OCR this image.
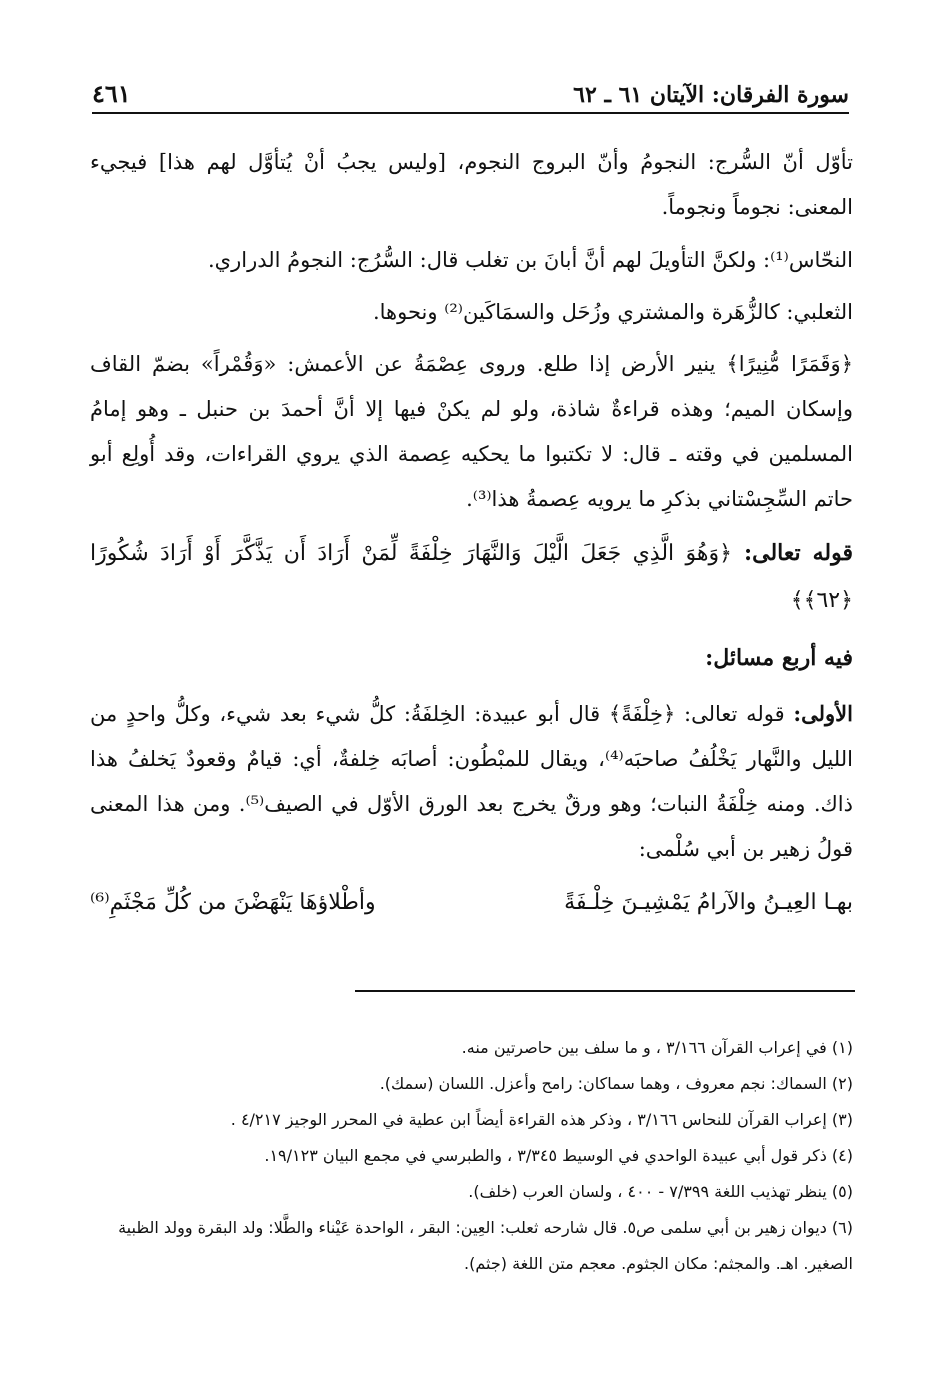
سورة الفرقان: الآيتان ٦١ ـ ٦٢
٤٦١

تأوّل أنّ السُّرج: النجومُ وأنّ البروج النجوم، [وليس يجبُ أنْ يُتأوَّل لهم هذا] فيجيء المعنى: نجوماً ونجوماً.

النحّاس⁽¹⁾: ولكنَّ التأويلَ لهم أنَّ أبانَ بن تغلب قال: السُّرُج: النجومُ الدراري.

الثعلبي: كالزُّهَرة والمشتري وزُحَل والسمَاكَين⁽²⁾ ونحوها.

﴿وَقَمَرًا مُّنِيرًا﴾ ينير الأرض إذا طلع. وروى عِصْمَةُ عن الأعمش: «وَقُمْراً» بضمّ القاف وإسكان الميم؛ وهذه قراءةٌ شاذة، ولو لم يكنْ فيها إلا أنَّ أحمدَ بن حنبل ـ وهو إمامُ المسلمين في وقته ـ قال: لا تكتبوا ما يحكيه عِصمة الذي يروي القراءات، وقد أُولِع أبو حاتم السِّجِسْتاني بذكرِ ما يرويه عِصمةُ هذا⁽³⁾.

قوله تعالى: ﴿وَهُوَ الَّذِي جَعَلَ الَّيْلَ وَالنَّهَارَ خِلْفَةً لِّمَنْ أَرَادَ أَن يَذَّكَّرَ أَوْ أَرَادَ شُكُورًا ﴿٦٢﴾﴾
فيه أربع مسائل:

الأولى: قوله تعالى: ﴿خِلْفَةً﴾ قال أبو عبيدة: الخِلفَةُ: كلُّ شيء بعد شيء، وكلُّ واحدٍ من الليل والنَّهار يَخْلُفُ صاحبَه⁽⁴⁾، ويقال للمبْطُون: أصابَه خِلفةٌ، أي: قيامٌ وقعودٌ يَخلفُ هذا ذاك. ومنه خِلْفَةُ النبات؛ وهو ورقٌ يخرج بعد الورق الأوّل في الصيف⁽⁵⁾. ومن هذا المعنى قولُ زهير بن أبي سُلْمى:

بهـا العِيـنُ والآرامُ يَمْشِيـنَ خِلْـفَةً
وأطْلاؤهَا يَنْهَضْنَ من كُلِّ مَجْثَمِ⁽⁶⁾

(١) في إعراب القرآن ٣/١٦٦ ، و ما سلف بين حاصرتين منه.

(٢) السماك: نجم معروف ، وهما سماكان: رامح وأعزل. اللسان (سمك).

(٣) إعراب القرآن للنحاس ٣/١٦٦ ، وذكر هذه القراءة أيضاً ابن عطية في المحرر الوجيز ٤/٢١٧ .

(٤) ذكر قول أبي عبيدة الواحدي في الوسيط ٣/٣٤٥ ، والطبرسي في مجمع البيان ١٩/١٢٣.

(٥) ينظر تهذيب اللغة ٧/٣٩٩ - ٤٠٠ ، ولسان العرب (خلف).

(٦) ديوان زهير بن أبي سلمى ص٥. قال شارحه ثعلب: العِين: البقر ، الواحدة عَيْناء والطَّلا: ولد البقرة وولد الظبية الصغير. اهـ. والمجثم: مكان الجثوم. معجم متن اللغة (جثم).
